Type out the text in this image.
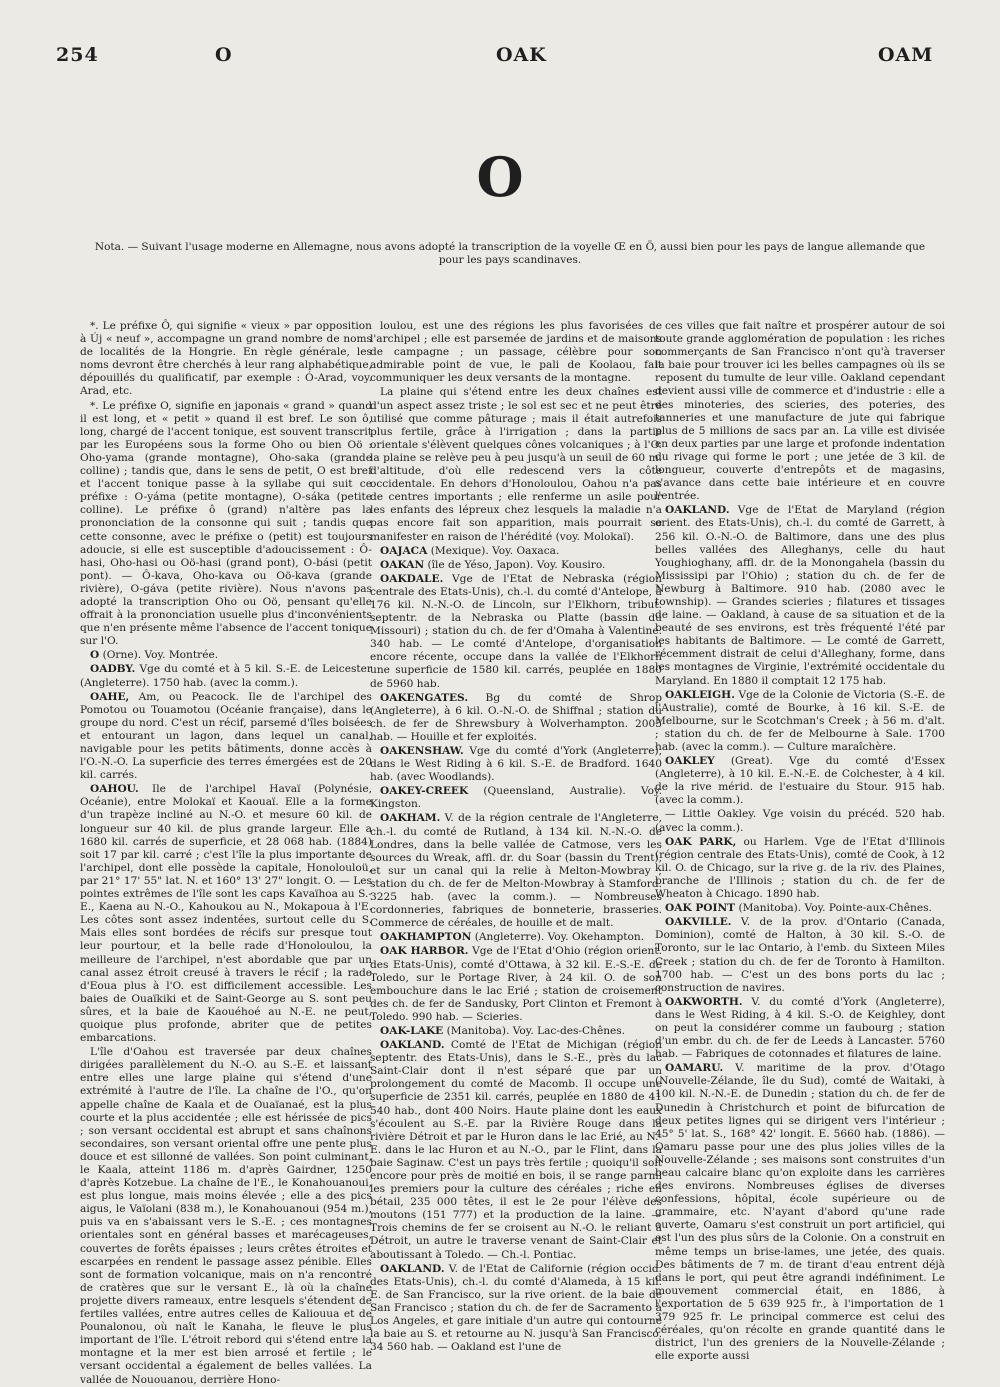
254	O	OAK	OAM
O
Nota. — Suivant l'usage moderne en Allemagne, nous avons adopté la transcription de la voyelle Œ en Ö, aussi bien pour les pays de langue allemande que pour les pays scandinaves.

*. Le préfixe Ô, qui signifie « vieux » par opposition à Új « neuf », accompagne un grand nombre de noms de localités de la Hongrie. En règle générale, les noms devront être cherchés à leur rang alphabétique, dépouillés du qualificatif, par exemple : Ó-Arad, voy. Arad, etc.

*. Le préfixe O, signifie en japonais « grand » quand il est long, et « petit » quand il est bref. Le son ô, long, chargé de l'accent tonique, est souvent transcrit par les Européens sous la forme Oho ou bien Oö : Oho-yama (grande montagne), Oho-saka (grande colline) ; tandis que, dans le sens de petit, O est bref et l'accent tonique passe à la syllabe qui suit ce préfixe : O-yáma (petite montagne), O-sáka (petite colline). Le préfixe ô (grand) n'altère pas la prononciation de la consonne qui suit ; tandis que cette consonne, avec le préfixe o (petit) est toujours adoucie, si elle est susceptible d'adoucissement : Ô-hasi, Oho-hasi ou Oö-hasi (grand pont), O-bási (petit pont). — Ô-kava, Oho-kava ou Oö-kava (grande rivière), O-gáva (petite rivière). Nous n'avons pas adopté la transcription Oho ou Oö, pensant qu'elle offrait à la prononciation usuelle plus d'inconvénients que n'en présente même l'absence de l'accent tonique sur l'O.

O (Orne). Voy. Montrée.

OADBY. Vge du comté et à 5 kil. S.-E. de Leicester (Angleterre). 1750 hab. (avec la comm.).

OAHE, Am, ou Peacock. Ile de l'archipel des Pomotou ou Touamotou (Océanie française), dans le groupe du nord. C'est un récif, parsemé d'îles boisées et entourant un lagon, dans lequel un canal, navigable pour les petits bâtiments, donne accès à l'O.-N.-O. La superficie des terres émergées est de 20 kil. carrés.

OAHOU. Ile de l'archipel Havaï (Polynésie, Océanie), entre Molokaï et Kaouaï. Elle a la forme d'un trapèze incliné au N.-O. et mesure 60 kil. de longueur sur 40 kil. de plus grande largeur. Elle a 1680 kil. carrés de superficie, et 28 068 hab. (1884) soit 17 par kil. carré ; c'est l'île la plus importante de l'archipel, dont elle possède la capitale, Honolouloü, par 21° 17' 55" lat. N. et 160° 13' 27" longit. O. — Les pointes extrêmes de l'île sont les caps Kavaïhoa au S.-E., Kaena au N.-O., Kahoukou au N., Mokapoua à l'E. Les côtes sont assez indentées, surtout celle du S. Mais elles sont bordées de récifs sur presque tout leur pourtour, et la belle rade d'Honoloulou, la meilleure de l'archipel, n'est abordable que par un canal assez étroit creusé à travers le récif ; la rade d'Eoua plus à l'O. est difficilement accessible. Les baies de Ouaïkiki et de Saint-George au S. sont peu sûres, et la baie de Kaouéhoé au N.-E. ne peut, quoique plus profonde, abriter que de petites embarcations.

L'île d'Oahou est traversée par deux chaînes dirigées parallèlement du N.-O. au S.-E. et laissant entre elles une large plaine qui s'étend d'une extrémité à l'autre de l'île. La chaîne de l'O., qu'on appelle chaîne de Kaala et de Ouaïanaé, est la plus courte et la plus accidentée ; elle est hérissée de pics ; son versant occidental est abrupt et sans chaînons secondaires, son versant oriental offre une pente plus douce et est sillonné de vallées. Son point culminant, le Kaala, atteint 1186 m. d'après Gairdner, 1250 d'après Kotzebue. La chaîne de l'E., le Konahouanoui, est plus longue, mais moins élevée ; elle a des pics aigus, le Vaïolani (838 m.), le Konahouanoui (954 m.), puis va en s'abaissant vers le S.-E. ; ces montagnes orientales sont en général basses et marécageuses, couvertes de forêts épaisses ; leurs crêtes étroites et escarpées en rendent le passage assez pénible. Elles sont de formation volcanique, mais on n'a rencontré de cratères que sur le versant E., là où la chaîne projette divers rameaux, entre lesquels s'étendent de fertiles vallées, entre autres celles de Kaliouua et de Pounalonou, où naît le Kanaha, le fleuve le plus important de l'île. L'étroit rebord qui s'étend entre la montagne et la mer est bien arrosé et fertile ; le versant occidental a également de belles vallées. La vallée de Nououanou, derrière Hono-

loulou, est une des régions les plus favorisées de l'archipel ; elle est parsemée de jardins et de maisons de campagne ; un passage, célèbre pour son admirable point de vue, le pali de Koolaou, fait communiquer les deux versants de la montagne.

La plaine qui s'étend entre les deux chaînes est d'un aspect assez triste ; le sol est sec et ne peut être utilisé que comme pâturage ; mais il était autrefois plus fertile, grâce à l'irrigation ; dans la partie orientale s'élèvent quelques cônes volcaniques ; à l'O. la plaine se relève peu à peu jusqu'à un seuil de 60 m. d'altitude, d'où elle redescend vers la côte occidentale. En dehors d'Honoloulou, Oahou n'a pas de centres importants ; elle renferme un asile pour les enfants des lépreux chez lesquels la maladie n'a pas encore fait son apparition, mais pourrait se manifester en raison de l'hérédité (voy. Molokaï).

OAJACA (Mexique). Voy. Oaxaca.

OAKAN (île de Yéso, Japon). Voy. Kousiro.

OAKDALE. Vge de l'Etat de Nebraska (région centrale des Etats-Unis), ch.-l. du comté d'Antelope, à 176 kil. N.-N.-O. de Lincoln, sur l'Elkhorn, tribut. septentr. de la Nebraska ou Platte (bassin du Missouri) ; station du ch. de fer d'Omaha à Valentine. 340 hab. — Le comté d'Antelope, d'organisation encore récente, occupe dans la vallée de l'Elkhorn une superficie de 1580 kil. carrés, peuplée en 1880 de 5960 hab.

OAKENGATES. Bg du comté de Shrop (Angleterre), à 6 kil. O.-N.-O. de Shiffnal ; station du ch. de fer de Shrewsbury à Wolverhampton. 2005 hab. — Houille et fer exploités.

OAKENSHAW. Vge du comté d'York (Angleterre), dans le West Riding à 6 kil. S.-E. de Bradford. 1640 hab. (avec Woodlands).

OAKEY-CREEK (Queensland, Australie). Voy. Kingston.

OAKHAM. V. de la région centrale de l'Angleterre, ch.-l. du comté de Rutland, à 134 kil. N.-N.-O. de Londres, dans la belle vallée de Catmose, vers les sources du Wreak, affl. dr. du Soar (bassin du Trent), et sur un canal qui la relie à Melton-Mowbray ; station du ch. de fer de Melton-Mowbray à Stamford. 3225 hab. (avec la comm.). — Nombreuses cordonneries, fabriques de bonneterie, brasseries. Commerce de céréales, de houille et de malt.

OAKHAMPTON (Angleterre). Voy. Okehampton.

OAK HARBOR. Vge de l'Etat d'Ohio (région orient. des Etats-Unis), comté d'Ottawa, à 32 kil. E.-S.-E. de Toledo, sur le Portage River, à 24 kil. O. de son embouchure dans le lac Erié ; station de croisement des ch. de fer de Sandusky, Port Clinton et Fremont à Toledo. 990 hab. — Scieries.

OAK-LAKE (Manitoba). Voy. Lac-des-Chênes.

OAKLAND. Comté de l'Etat de Michigan (région septentr. des Etats-Unis), dans le S.-E., près du lac Saint-Clair dont il n'est séparé que par un prolongement du comté de Macomb. Il occupe une superficie de 2351 kil. carrés, peuplée en 1880 de 41 540 hab., dont 400 Noirs. Haute plaine dont les eaux s'écoulent au S.-E. par la Rivière Rouge dans la rivière Détroit et par le Huron dans le lac Erié, au N.-E. dans le lac Huron et au N.-O., par le Flint, dans la baie Saginaw. C'est un pays très fertile ; quoiqu'il soit encore pour près de moitié en bois, il se range parmi les premiers pour la culture des céréales ; riche en bétail, 235 000 têtes, il est le 2e pour l'élève des moutons (151 777) et la production de la laine. — Trois chemins de fer se croisent au N.-O. le reliant à Détroit, un autre le traverse venant de Saint-Clair et aboutissant à Toledo. — Ch.-l. Pontiac.

OAKLAND. V. de l'Etat de Californie (région occid. des Etats-Unis), ch.-l. du comté d'Alameda, à 15 kil. E. de San Francisco, sur la rive orient. de la baie de San Francisco ; station du ch. de fer de Sacramento à Los Angeles, et gare initiale d'un autre qui contourne la baie au S. et retourne au N. jusqu'à San Francisco. 34 560 hab. — Oakland est l'une de

ces villes que fait naître et prospérer autour de soi toute grande agglomération de population : les riches commerçants de San Francisco n'ont qu'à traverser la baie pour trouver ici les belles campagnes où ils se reposent du tumulte de leur ville. Oakland cependant devient aussi ville de commerce et d'industrie : elle a des minoteries, des scieries, des poteries, des tanneries et une manufacture de jute qui fabrique plus de 5 millions de sacs par an. La ville est divisée en deux parties par une large et profonde indentation du rivage qui forme le port ; une jetée de 3 kil. de longueur, couverte d'entrepôts et de magasins, s'avance dans cette baie intérieure et en couvre l'entrée.

OAKLAND. Vge de l'Etat de Maryland (région orient. des Etats-Unis), ch.-l. du comté de Garrett, à 256 kil. O.-N.-O. de Baltimore, dans une des plus belles vallées des Alleghanys, celle du haut Youghioghany, affl. dr. de la Monongahela (bassin du Mississipi par l'Ohio) ; station du ch. de fer de Newburg à Baltimore. 910 hab. (2080 avec le township). — Grandes scieries ; filatures et tissages de laine. — Oakland, à cause de sa situation et de la beauté de ses environs, est très fréquenté l'été par les habitants de Baltimore. — Le comté de Garrett, récemment distrait de celui d'Alleghany, forme, dans les montagnes de Virginie, l'extrémité occidentale du Maryland. En 1880 il comptait 12 175 hab.

OAKLEIGH. Vge de la Colonie de Victoria (S.-E. de l'Australie), comté de Bourke, à 16 kil. S.-E. de Melbourne, sur le Scotchman's Creek ; à 56 m. d'alt. ; station du ch. de fer de Melbourne à Sale. 1700 hab. (avec la comm.). — Culture maraîchère.

OAKLEY (Great). Vge du comté d'Essex (Angleterre), à 10 kil. E.-N.-E. de Colchester, à 4 kil. de la rive mérid. de l'estuaire du Stour. 915 hab. (avec la comm.).

— Little Oakley. Vge voisin du précéd. 520 hab. (avec la comm.).

OAK PARK, ou Harlem. Vge de l'Etat d'Illinois (région centrale des Etats-Unis), comté de Cook, à 12 kil. O. de Chicago, sur la rive g. de la riv. des Plaines, branche de l'Illinois ; station du ch. de fer de Wheaton à Chicago. 1890 hab.

OAK POINT (Manitoba). Voy. Pointe-aux-Chênes.

OAKVILLE. V. de la prov. d'Ontario (Canada, Dominion), comté de Halton, à 30 kil. S.-O. de Toronto, sur le lac Ontario, à l'emb. du Sixteen Miles Creek ; station du ch. de fer de Toronto à Hamilton. 1700 hab. — C'est un des bons ports du lac ; construction de navires.

OAKWORTH. V. du comté d'York (Angleterre), dans le West Riding, à 4 kil. S.-O. de Keighley, dont on peut la considérer comme un faubourg ; station d'un embr. du ch. de fer de Leeds à Lancaster. 5760 hab. — Fabriques de cotonnades et filatures de laine.

OAMARU. V. maritime de la prov. d'Otago (Nouvelle-Zélande, île du Sud), comté de Waitaki, à 100 kil. N.-N.-E. de Dunedin ; station du ch. de fer de Dunedin à Christchurch et point de bifurcation de deux petites lignes qui se dirigent vers l'intérieur ; 45° 5' lat. S., 168° 42' longit. E. 5660 hab. (1886). — Oamaru passe pour une des plus jolies villes de la Nouvelle-Zélande ; ses maisons sont construites d'un beau calcaire blanc qu'on exploite dans les carrières des environs. Nombreuses églises de diverses confessions, hôpital, école supérieure ou de grammaire, etc. N'ayant d'abord qu'une rade ouverte, Oamaru s'est construit un port artificiel, qui est l'un des plus sûrs de la Colonie. On a construit en même temps un brise-lames, une jetée, des quais. Des bâtiments de 7 m. de tirant d'eau entrent déjà dans le port, qui peut être agrandi indéfiniment. Le mouvement commercial était, en 1886, à l'exportation de 5 639 925 fr., à l'importation de 1 379 925 fr. Le principal commerce est celui des céréales, qu'on récolte en grande quantité dans le district, l'un des greniers de la Nouvelle-Zélande ; elle exporte aussi
